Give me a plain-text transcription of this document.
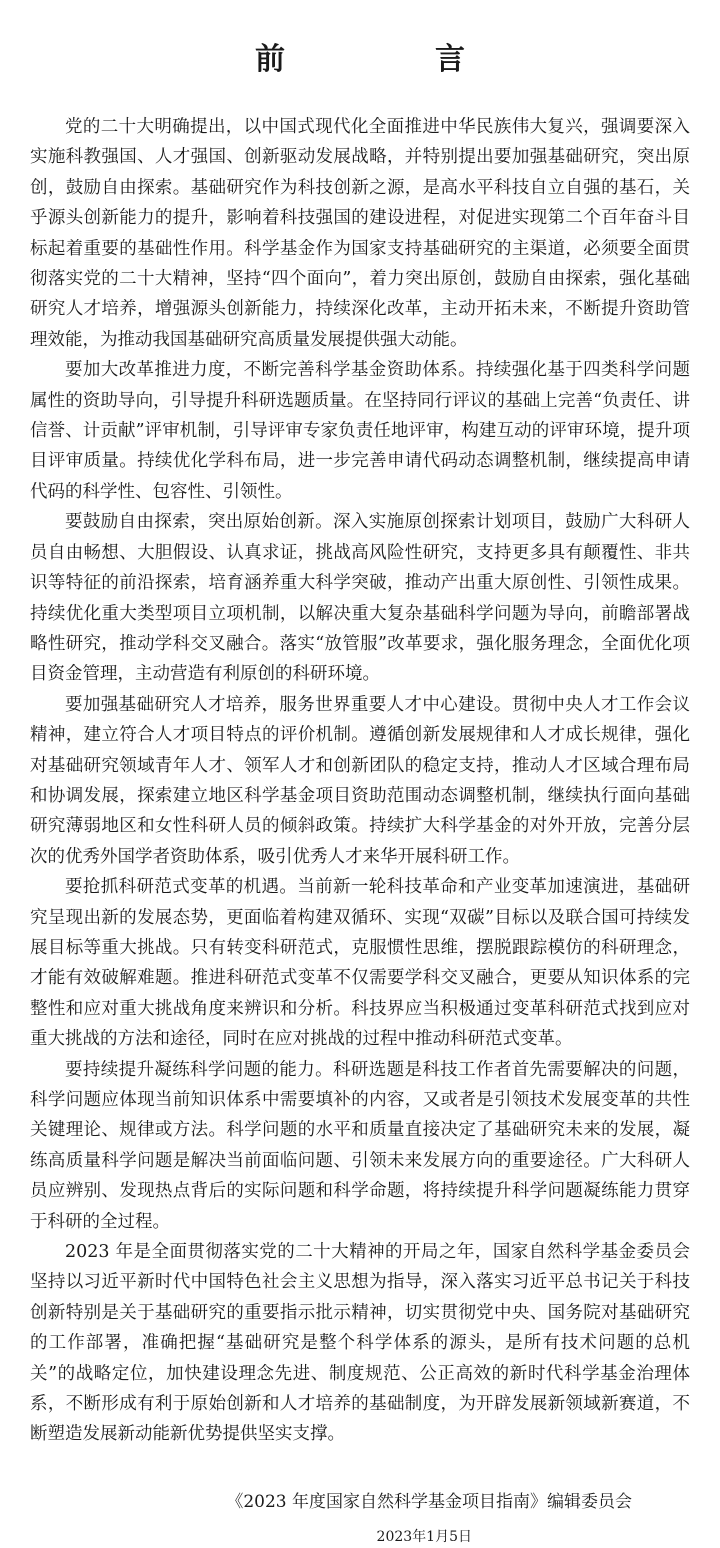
前　言

党的二十大明确提出，以中国式现代化全面推进中华民族伟大复兴，强调要深入实施科教强国、人才强国、创新驱动发展战略，并特别提出要加强基础研究，突出原创，鼓励自由探索。基础研究作为科技创新之源，是高水平科技自立自强的基石，关乎源头创新能力的提升，影响着科技强国的建设进程，对促进实现第二个百年奋斗目标起着重要的基础性作用。科学基金作为国家支持基础研究的主渠道，必须要全面贯彻落实党的二十大精神，坚持“四个面向”，着力突出原创，鼓励自由探索，强化基础研究人才培养，增强源头创新能力，持续深化改革，主动开拓未来，不断提升资助管理效能，为推动我国基础研究高质量发展提供强大动能。

要加大改革推进力度，不断完善科学基金资助体系。持续强化基于四类科学问题属性的资助导向，引导提升科研选题质量。在坚持同行评议的基础上完善“负责任、讲信誉、计贡献”评审机制，引导评审专家负责任地评审，构建互动的评审环境，提升项目评审质量。持续优化学科布局，进一步完善申请代码动态调整机制，继续提高申请代码的科学性、包容性、引领性。

要鼓励自由探索，突出原始创新。深入实施原创探索计划项目，鼓励广大科研人员自由畅想、大胆假设、认真求证，挑战高风险性研究，支持更多具有颠覆性、非共识等特征的前沿探索，培育涵养重大科学突破，推动产出重大原创性、引领性成果。持续优化重大类型项目立项机制，以解决重大复杂基础科学问题为导向，前瞻部署战略性研究，推动学科交叉融合。落实“放管服”改革要求，强化服务理念，全面优化项目资金管理，主动营造有利原创的科研环境。

要加强基础研究人才培养，服务世界重要人才中心建设。贯彻中央人才工作会议精神，建立符合人才项目特点的评价机制。遵循创新发展规律和人才成长规律，强化对基础研究领域青年人才、领军人才和创新团队的稳定支持，推动人才区域合理布局和协调发展，探索建立地区科学基金项目资助范围动态调整机制，继续执行面向基础研究薄弱地区和女性科研人员的倾斜政策。持续扩大科学基金的对外开放，完善分层次的优秀外国学者资助体系，吸引优秀人才来华开展科研工作。

要抢抓科研范式变革的机遇。当前新一轮科技革命和产业变革加速演进，基础研究呈现出新的发展态势，更面临着构建双循环、实现“双碳”目标以及联合国可持续发展目标等重大挑战。只有转变科研范式，克服惯性思维，摆脱跟踪模仿的科研理念，才能有效破解难题。推进科研范式变革不仅需要学科交叉融合，更要从知识体系的完整性和应对重大挑战角度来辨识和分析。科技界应当积极通过变革科研范式找到应对重大挑战的方法和途径，同时在应对挑战的过程中推动科研范式变革。

要持续提升凝练科学问题的能力。科研选题是科技工作者首先需要解决的问题，科学问题应体现当前知识体系中需要填补的内容，又或者是引领技术发展变革的共性关键理论、规律或方法。科学问题的水平和质量直接决定了基础研究未来的发展，凝练高质量科学问题是解决当前面临问题、引领未来发展方向的重要途径。广大科研人员应辨别、发现热点背后的实际问题和科学命题，将持续提升科学问题凝练能力贯穿于科研的全过程。

2023 年是全面贯彻落实党的二十大精神的开局之年，国家自然科学基金委员会坚持以习近平新时代中国特色社会主义思想为指导，深入落实习近平总书记关于科技创新特别是关于基础研究的重要指示批示精神，切实贯彻党中央、国务院对基础研究的工作部署，准确把握“基础研究是整个科学体系的源头，是所有技术问题的总机关”的战略定位，加快建设理念先进、制度规范、公正高效的新时代科学基金治理体系，不断形成有利于原始创新和人才培养的基础制度，为开辟发展新领域新赛道，不断塑造发展新动能新优势提供坚实支撑。

《2023 年度国家自然科学基金项目指南》编辑委员会
2023年1月5日
